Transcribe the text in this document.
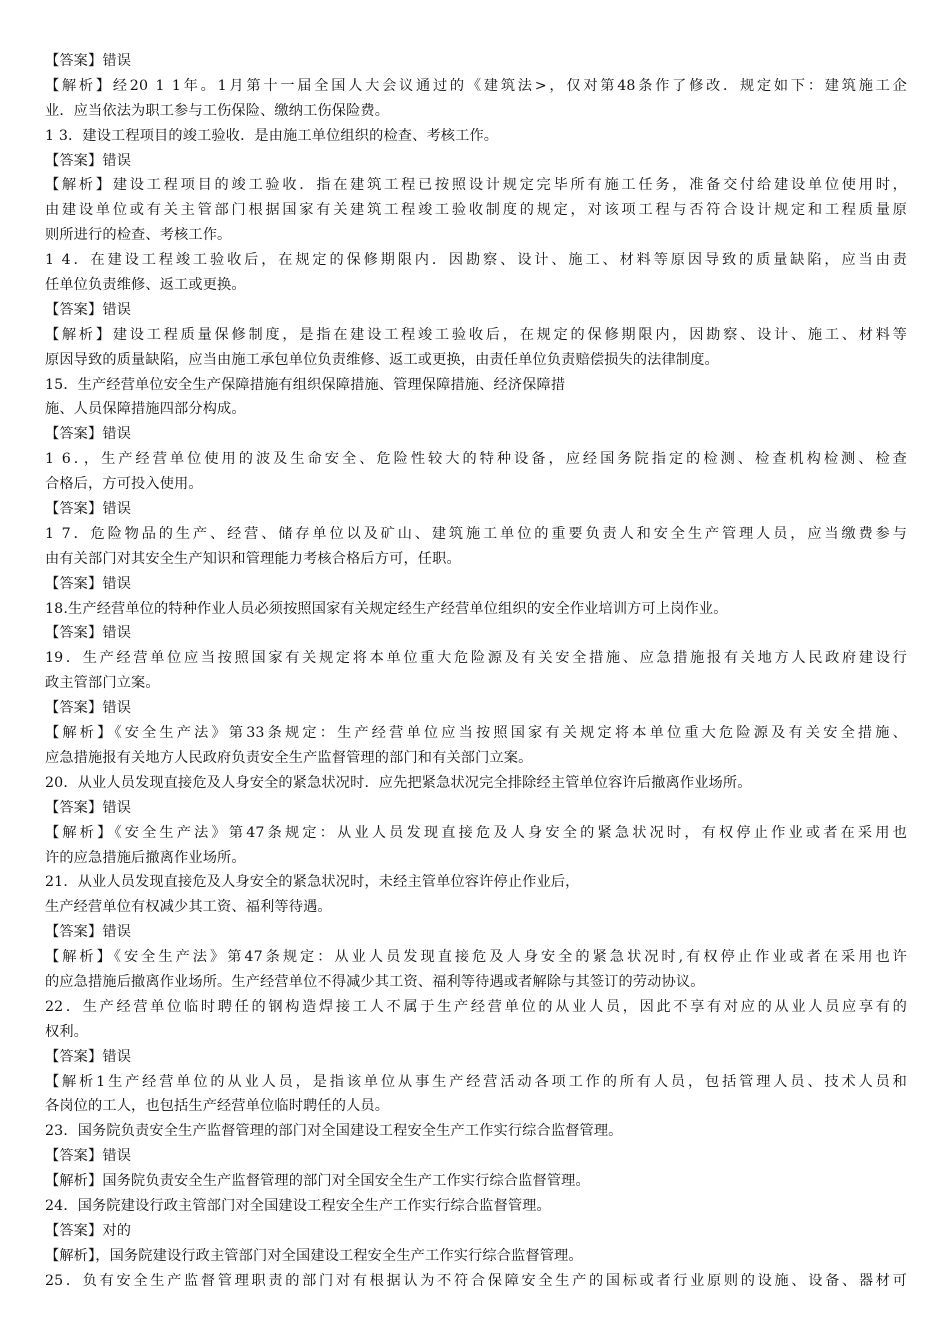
【答案】错误
【解析】经20 1 1年。1月第十一届全国人大会议通过的《建筑法>，仅对第48条作了修改．规定如下：建筑施工企
业．应当依法为职工参与工伤保险、缴纳工伤保险费。
1 3．建设工程项目的竣工验收．是由施工单位组织的检查、考核工作。
【答案】错误
【解析】建设工程项目的竣工验收．指在建筑工程已按照设计规定完毕所有施工任务，准备交付给建设单位使用时，
由建设单位或有关主管部门根据国家有关建筑工程竣工验收制度的规定，对该项工程与否符合设计规定和工程质量原
则所进行的检查、考核工作。
1 4．在建设工程竣工验收后，在规定的保修期限内．因勘察、设计、施工、材料等原因导致的质量缺陷，应当由责
任单位负责维修、返工或更换。
【答案】错误
【解析】建设工程质量保修制度，是指在建设工程竣工验收后，在规定的保修期限内，因勘察、设计、施工、材料等
原因导致的质量缺陷，应当由施工承包单位负责维修、返工或更换，由责任单位负责赔偿损失的法律制度。
15．生产经营单位安全生产保障措施有组织保障措施、管理保障措施、经济保障措
施、人员保障措施四部分构成。
【答案】错误
1 6．，生产经营单位使用的波及生命安全、危险性较大的特种设备，应经国务院指定的检测、检查机构检测、检查
合格后，方可投入使用。
【答案】错误
1 7．危险物品的生产、经营、储存单位以及矿山、建筑施工单位的重要负责人和安全生产管理人员，应当缴费参与
由有关部门对其安全生产知识和管理能力考核合格后方可，任职。
【答案】错误
18.生产经营单位的特种作业人员必须按照国家有关规定经生产经营单位组织的安全作业培训方可上岗作业。
【答案】错误
19．生产经营单位应当按照国家有关规定将本单位重大危险源及有关安全措施、应急措施报有关地方人民政府建设行
政主管部门立案。
【答案】错误
【解析】《安全生产法》第33条规定：生产经营单位应当按照国家有关规定将本单位重大危险源及有关安全措施、
应急措施报有关地方人民政府负责安全生产监督管理的部门和有关部门立案。
20．从业人员发现直接危及人身安全的紧急状况时．应先把紧急状况完全排除经主管单位容许后撤离作业场所。
【答案】错误
【解析】《安全生产法》第47条规定：从业人员发现直接危及人身安全的紧急状况时，有权停止作业或者在采用也
许的应急措施后撤离作业场所。
21．从业人员发现直接危及人身安全的紧急状况时，未经主管单位容许停止作业后，
生产经营单位有权减少其工资、福利等待遇。
【答案】错误
【解析】《安全生产法》第47条规定：从业人员发现直接危及人身安全的紧急状况时,有权停止作业或者在采用也许
的应急措施后撤离作业场所。生产经营单位不得减少其工资、福利等待遇或者解除与其签订的劳动协议。
22．生产经营单位临时聘任的钢构造焊接工人不属于生产经营单位的从业人员，因此不享有对应的从业人员应享有的
权利。
【答案】错误
【解析1生产经营单位的从业人员，是指该单位从事生产经营活动各项工作的所有人员，包括管理人员、技术人员和
各岗位的工人，也包括生产经营单位临时聘任的人员。
23．国务院负责安全生产监督管理的部门对全国建设工程安全生产工作实行综合监督管理。
【答案】错误
【解析】国务院负责安全生产监督管理的部门对全国安全生产工作实行综合监督管理。
24．国务院建设行政主管部门对全国建设工程安全生产工作实行综合监督管理。
【答案】对的
【解析】，国务院建设行政主管部门对全国建设工程安全生产工作实行综合监督管理。
25．负有安全生产监督管理职责的部门对有根据认为不符合保障安全生产的国标或者行业原则的设施、设备、器材可
